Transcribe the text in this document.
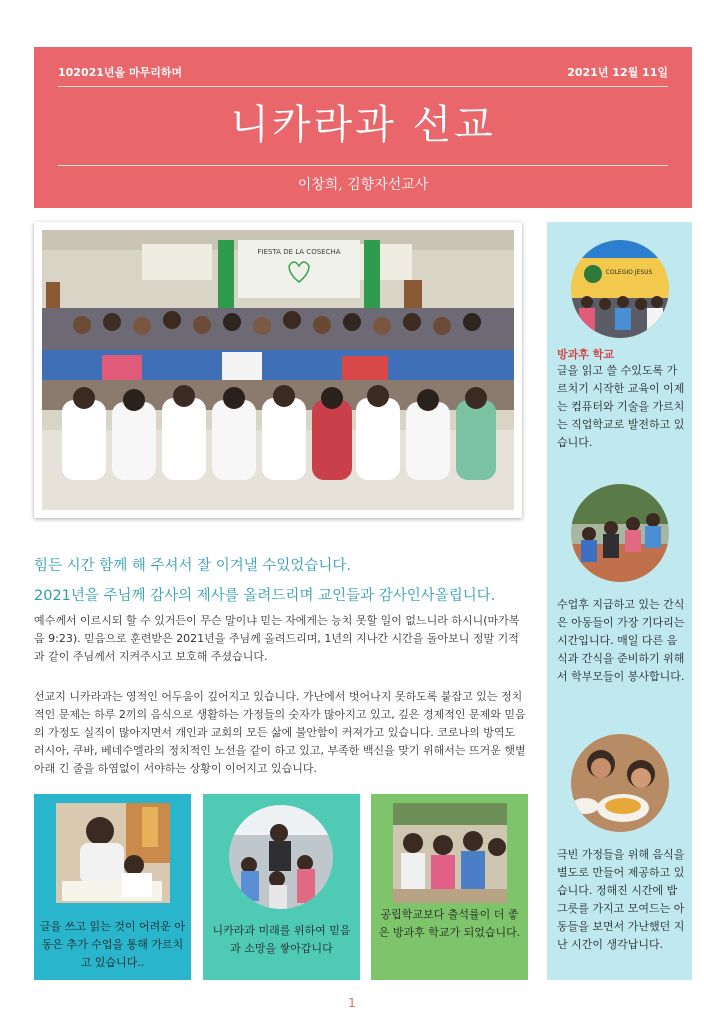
102021년을 마무리하며	2021년 12월 11일
니카라과 선교
이창희, 김향자선교사
FIESTA DE LA COSECHA
힘든 시간 함께 해 주셔서 잘 이겨낼 수있었습니다.
2021년을 주님께 감사의 제사를 올려드리며 교인들과 감사인사올립니다.
예수께서 이르시되 할 수 있거든이 무슨 말이냐 믿는 자에게는 능치 못할 일이 없느니라 하시니(마가복음 9:23). 믿음으로 훈련받은 2021년을 주님께 올려드리며, 1년의 지나간 시간을 돌아보니 정말 기적과 같이 주님께서 지켜주시고 보호해 주셨습니다.
선교지 니카라과는 영적인 어두움이 깊어지고 있습니다. 가난에서 벗어나지 못하도록 붙잡고 있는 정치적인 문제는 하루 2끼의 음식으로 생활하는 가정들의 숫자가 많아지고 있고, 깊은 경제적인 문제와 믿음의 가정도 실직이 많아지면서 개인과 교회의 모든 삶에 불안함이 커져가고 있습니다. 코로나의 방역도 러시아, 쿠바, 베네수엘라의 정치적인 노선을 같이 하고 있고, 부족한 백신을 맞기 위해서는 뜨거운 햇볕아래 긴 줄을 하염없이 서야하는 상황이 이어지고 있습니다.
글을 쓰고 읽는 것이 어려운 아동은 추가 수업을 통해 가르치고 있습니다..
니카라과 미래를 위하여 믿음과 소망을 쌓아갑니다
공립학교보다 출석률이 더 좋은 방과후 학교가 되었습니다.
COLEGIO JESUS
방과후 학교
글을 읽고 쓸 수있도록 가르치기 시작한 교육이 이제는 컴퓨터와 기술을 가르치는 직업학교로 발전하고 있습니다.
수업후 지급하고 있는 간식은 아동들이 가장 기다리는 시간입니다. 매일 다른 음식과 간식을 준비하기 위해서 학부모들이 봉사합니다.
극빈 가정들을 위해 음식을 별도로 만들어 제공하고 있습니다. 정해진 시간에 밥그릇를 가지고 모여드는 아동들을 보면서 가난했던 지난 시간이 생각납니다.
1
